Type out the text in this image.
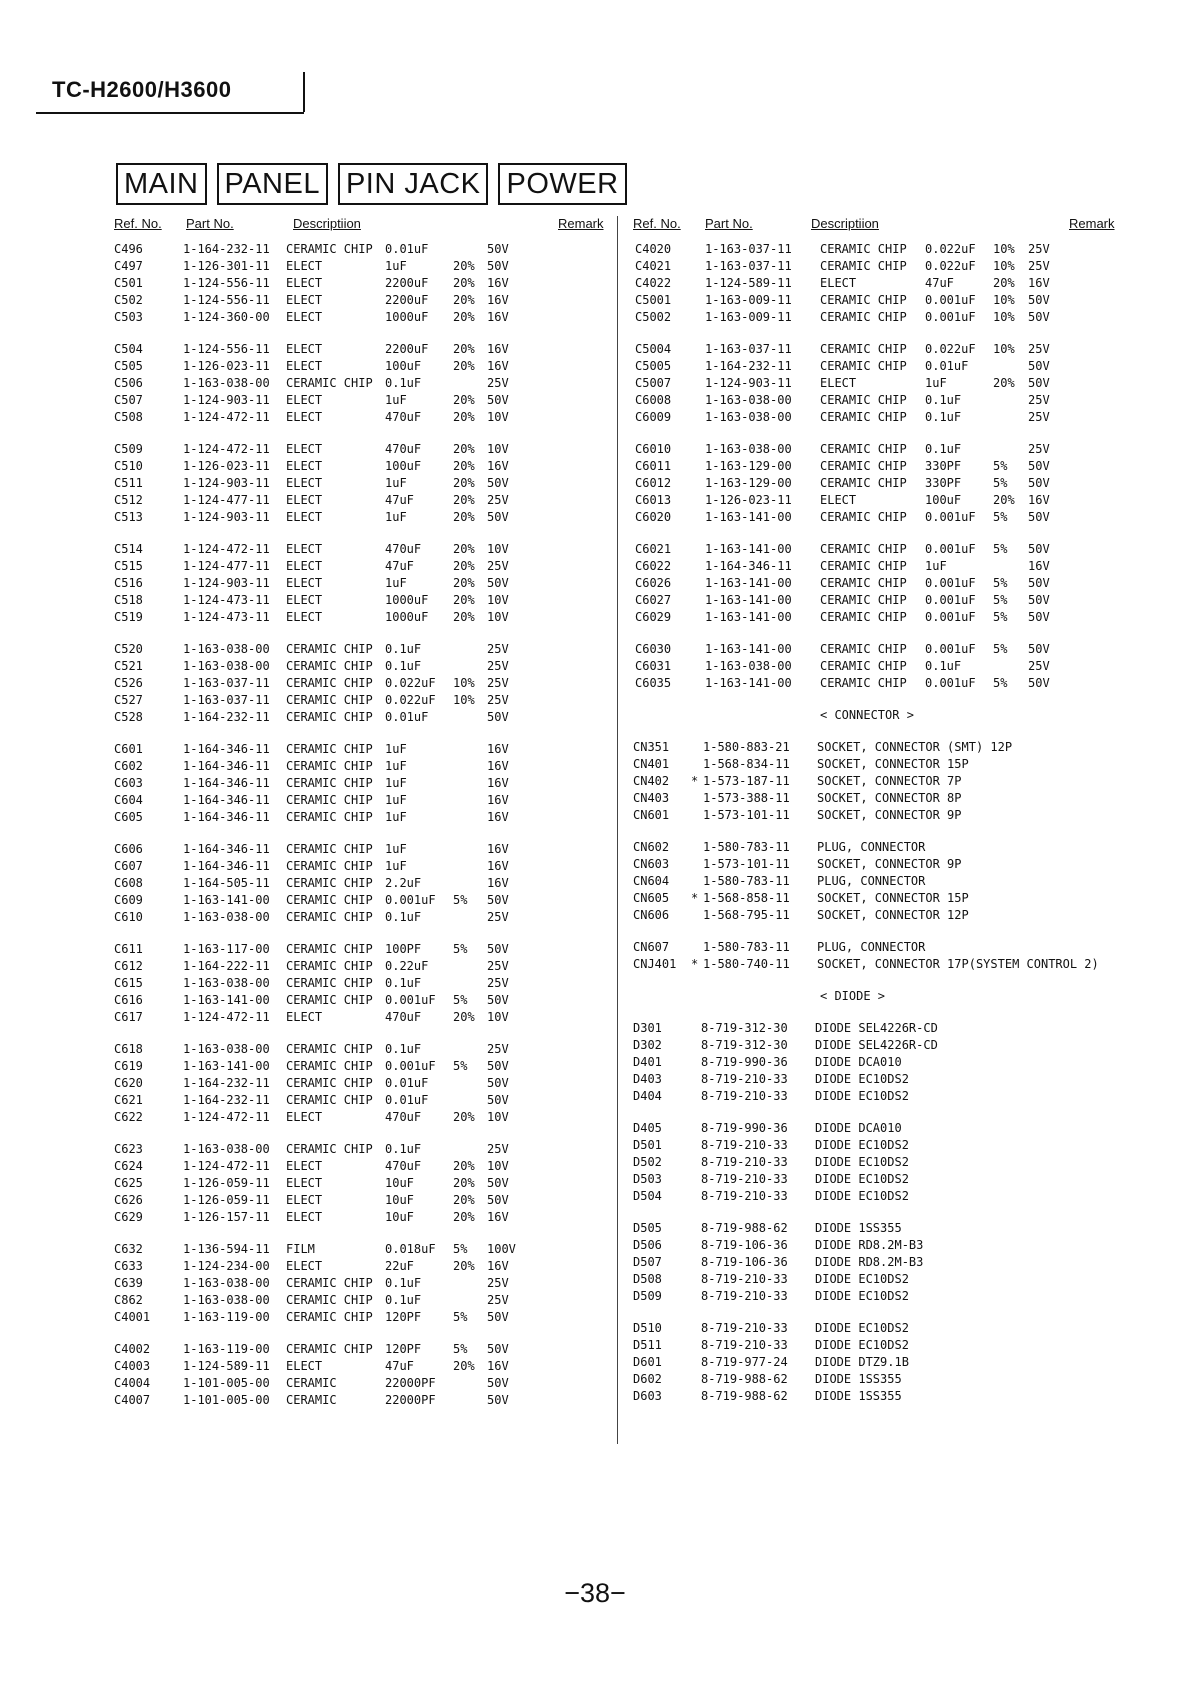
TC-H2600/H3600
MAIN PANEL PIN JACK POWER
Ref. No. Part No.	Descriptiion	Remark
C496	1-164-232-11 CERAMIC CHIP 0.01uF	50V
C497	1-126-301-11 ELECT	1uF	20% 50V
C501	1-124-556-11 ELECT	2200uF 20% 16V
C502	1-124-556-11 ELECT	2200uF 20% 16V
C503	1-124-360-00 ELECT	1000uF 20% 16V
C504	1-124-556-11 ELECT	2200uF 20% 16V
C505	1-126-023-11 ELECT	100uF	20% 16V
C506	1-163-038-00 CERAMIC CHIP 0.1uF	25V
C507	1-124-903-11 ELECT	1uF	20% 50V
C508	1-124-472-11 ELECT	470uF	20% 10V
C509	1-124-472-11 ELECT	470uF	20% 10V
C510	1-126-023-11 ELECT	100uF	20% 16V
C511	1-124-903-11 ELECT	1uF	20% 50V
C512	1-124-477-11 ELECT	47uF	20% 25V
C513	1-124-903-11 ELECT	1uF	20% 50V
C514	1-124-472-11 ELECT	470uF	20% 10V
C515	1-124-477-11 ELECT	47uF	20% 25V
C516	1-124-903-11 ELECT	1uF	20% 50V
C518	1-124-473-11 ELECT	1000uF 20% 10V
C519	1-124-473-11 ELECT	1000uF 20% 10V
C520	1-163-038-00 CERAMIC CHIP 0.1uF	25V
C521	1-163-038-00 CERAMIC CHIP 0.1uF	25V
C526	1-163-037-11 CERAMIC CHIP 0.022uF 10% 25V
C527	1-163-037-11 CERAMIC CHIP 0.022uF 10% 25V
C528	1-164-232-11 CERAMIC CHIP 0.01uF	50V
C601	1-164-346-11 CERAMIC CHIP 1uF	16V
C602	1-164-346-11 CERAMIC CHIP 1uF	16V
C603	1-164-346-11 CERAMIC CHIP 1uF	16V
C604	1-164-346-11 CERAMIC CHIP 1uF	16V
C605	1-164-346-11 CERAMIC CHIP 1uF	16V
C606	1-164-346-11 CERAMIC CHIP 1uF	16V
C607	1-164-346-11 CERAMIC CHIP 1uF	16V
C608	1-164-505-11 CERAMIC CHIP 2.2uF	16V
C609	1-163-141-00 CERAMIC CHIP 0.001uF 5% 50V
C610	1-163-038-00 CERAMIC CHIP 0.1uF	25V
C611	1-163-117-00 CERAMIC CHIP 100PF	5% 50V
C612	1-164-222-11 CERAMIC CHIP 0.22uF	25V
C615	1-163-038-00 CERAMIC CHIP 0.1uF	25V
C616	1-163-141-00 CERAMIC CHIP 0.001uF 5% 50V
C617	1-124-472-11 ELECT	470uF	20% 10V
C618	1-163-038-00 CERAMIC CHIP 0.1uF	25V
C619	1-163-141-00 CERAMIC CHIP 0.001uF 5% 50V
C620	1-164-232-11 CERAMIC CHIP 0.01uF	50V
C621	1-164-232-11 CERAMIC CHIP 0.01uF	50V
C622	1-124-472-11 ELECT	470uF	20% 10V
C623	1-163-038-00 CERAMIC CHIP 0.1uF	25V
C624	1-124-472-11 ELECT	470uF	20% 10V
C625	1-126-059-11 ELECT	10uF	20% 50V
C626	1-126-059-11 ELECT	10uF	20% 50V
C629	1-126-157-11 ELECT	10uF	20% 16V
C632	1-136-594-11 FILM	0.018uF 5% 100V
C633	1-124-234-00 ELECT	22uF	20% 16V
C639	1-163-038-00 CERAMIC CHIP 0.1uF	25V
C862	1-163-038-00 CERAMIC CHIP 0.1uF	25V
C4001	1-163-119-00 CERAMIC CHIP 120PF	5% 50V
C4002	1-163-119-00 CERAMIC CHIP 120PF	5% 50V
C4003	1-124-589-11 ELECT	47uF	20% 16V
C4004	1-101-005-00 CERAMIC	22000PF	50V
C4007	1-101-005-00 CERAMIC	22000PF	50V
Ref. No. Part No.	Descriptiion	Remark
C4020	1-163-037-11 CERAMIC CHIP 0.022uF 10% 25V
C4021	1-163-037-11 CERAMIC CHIP 0.022uF 10% 25V
C4022	1-124-589-11 ELECT	47uF	20% 16V
C5001	1-163-009-11 CERAMIC CHIP 0.001uF 10% 50V
C5002	1-163-009-11 CERAMIC CHIP 0.001uF 10% 50V
C5004	1-163-037-11 CERAMIC CHIP 0.022uF 10% 25V
C5005	1-164-232-11 CERAMIC CHIP 0.01uF	50V
C5007	1-124-903-11 ELECT	1uF	20% 50V
C6008	1-163-038-00 CERAMIC CHIP 0.1uF	25V
C6009	1-163-038-00 CERAMIC CHIP 0.1uF	25V
C6010	1-163-038-00 CERAMIC CHIP 0.1uF	25V
C6011	1-163-129-00 CERAMIC CHIP 330PF	5% 50V
C6012	1-163-129-00 CERAMIC CHIP 330PF	5% 50V
C6013	1-126-023-11 ELECT	100uF	20% 16V
C6020	1-163-141-00 CERAMIC CHIP 0.001uF 5% 50V
C6021	1-163-141-00 CERAMIC CHIP 0.001uF 5% 50V
C6022	1-164-346-11 CERAMIC CHIP 1uF	16V
C6026	1-163-141-00 CERAMIC CHIP 0.001uF 5% 50V
C6027	1-163-141-00 CERAMIC CHIP 0.001uF 5% 50V
C6029	1-163-141-00 CERAMIC CHIP 0.001uF 5% 50V
C6030	1-163-141-00 CERAMIC CHIP 0.001uF 5% 50V
C6031	1-163-038-00 CERAMIC CHIP 0.1uF	25V
C6035	1-163-141-00 CERAMIC CHIP 0.001uF 5% 50V
< CONNECTOR >
CN351	1-580-883-21 SOCKET, CONNECTOR (SMT) 12P
CN401	1-568-834-11 SOCKET, CONNECTOR 15P
CN402 * 1-573-187-11 SOCKET, CONNECTOR 7P
CN403	1-573-388-11 SOCKET, CONNECTOR 8P
CN601	1-573-101-11 SOCKET, CONNECTOR 9P
CN602	1-580-783-11 PLUG, CONNECTOR
CN603	1-573-101-11 SOCKET, CONNECTOR 9P
CN604	1-580-783-11 PLUG, CONNECTOR
CN605 * 1-568-858-11 SOCKET, CONNECTOR 15P
CN606	1-568-795-11 SOCKET, CONNECTOR 12P
CN607	1-580-783-11 PLUG, CONNECTOR
CNJ401 * 1-580-740-11 SOCKET, CONNECTOR 17P(SYSTEM CONTROL 2)
< DIODE >
D301	8-719-312-30 DIODE SEL4226R-CD
D302	8-719-312-30 DIODE SEL4226R-CD
D401	8-719-990-36 DIODE DCA010
D403	8-719-210-33 DIODE EC10DS2
D404	8-719-210-33 DIODE EC10DS2
D405	8-719-990-36 DIODE DCA010
D501	8-719-210-33 DIODE EC10DS2
D502	8-719-210-33 DIODE EC10DS2
D503	8-719-210-33 DIODE EC10DS2
D504	8-719-210-33 DIODE EC10DS2
D505	8-719-988-62 DIODE 1SS355
D506	8-719-106-36 DIODE RD8.2M-B3
D507	8-719-106-36 DIODE RD8.2M-B3
D508	8-719-210-33 DIODE EC10DS2
D509	8-719-210-33 DIODE EC10DS2
D510	8-719-210-33 DIODE EC10DS2
D511	8-719-210-33 DIODE EC10DS2
D601	8-719-977-24 DIODE DTZ9.1B
D602	8-719-988-62 DIODE 1SS355
D603	8-719-988-62 DIODE 1SS355
−38−
